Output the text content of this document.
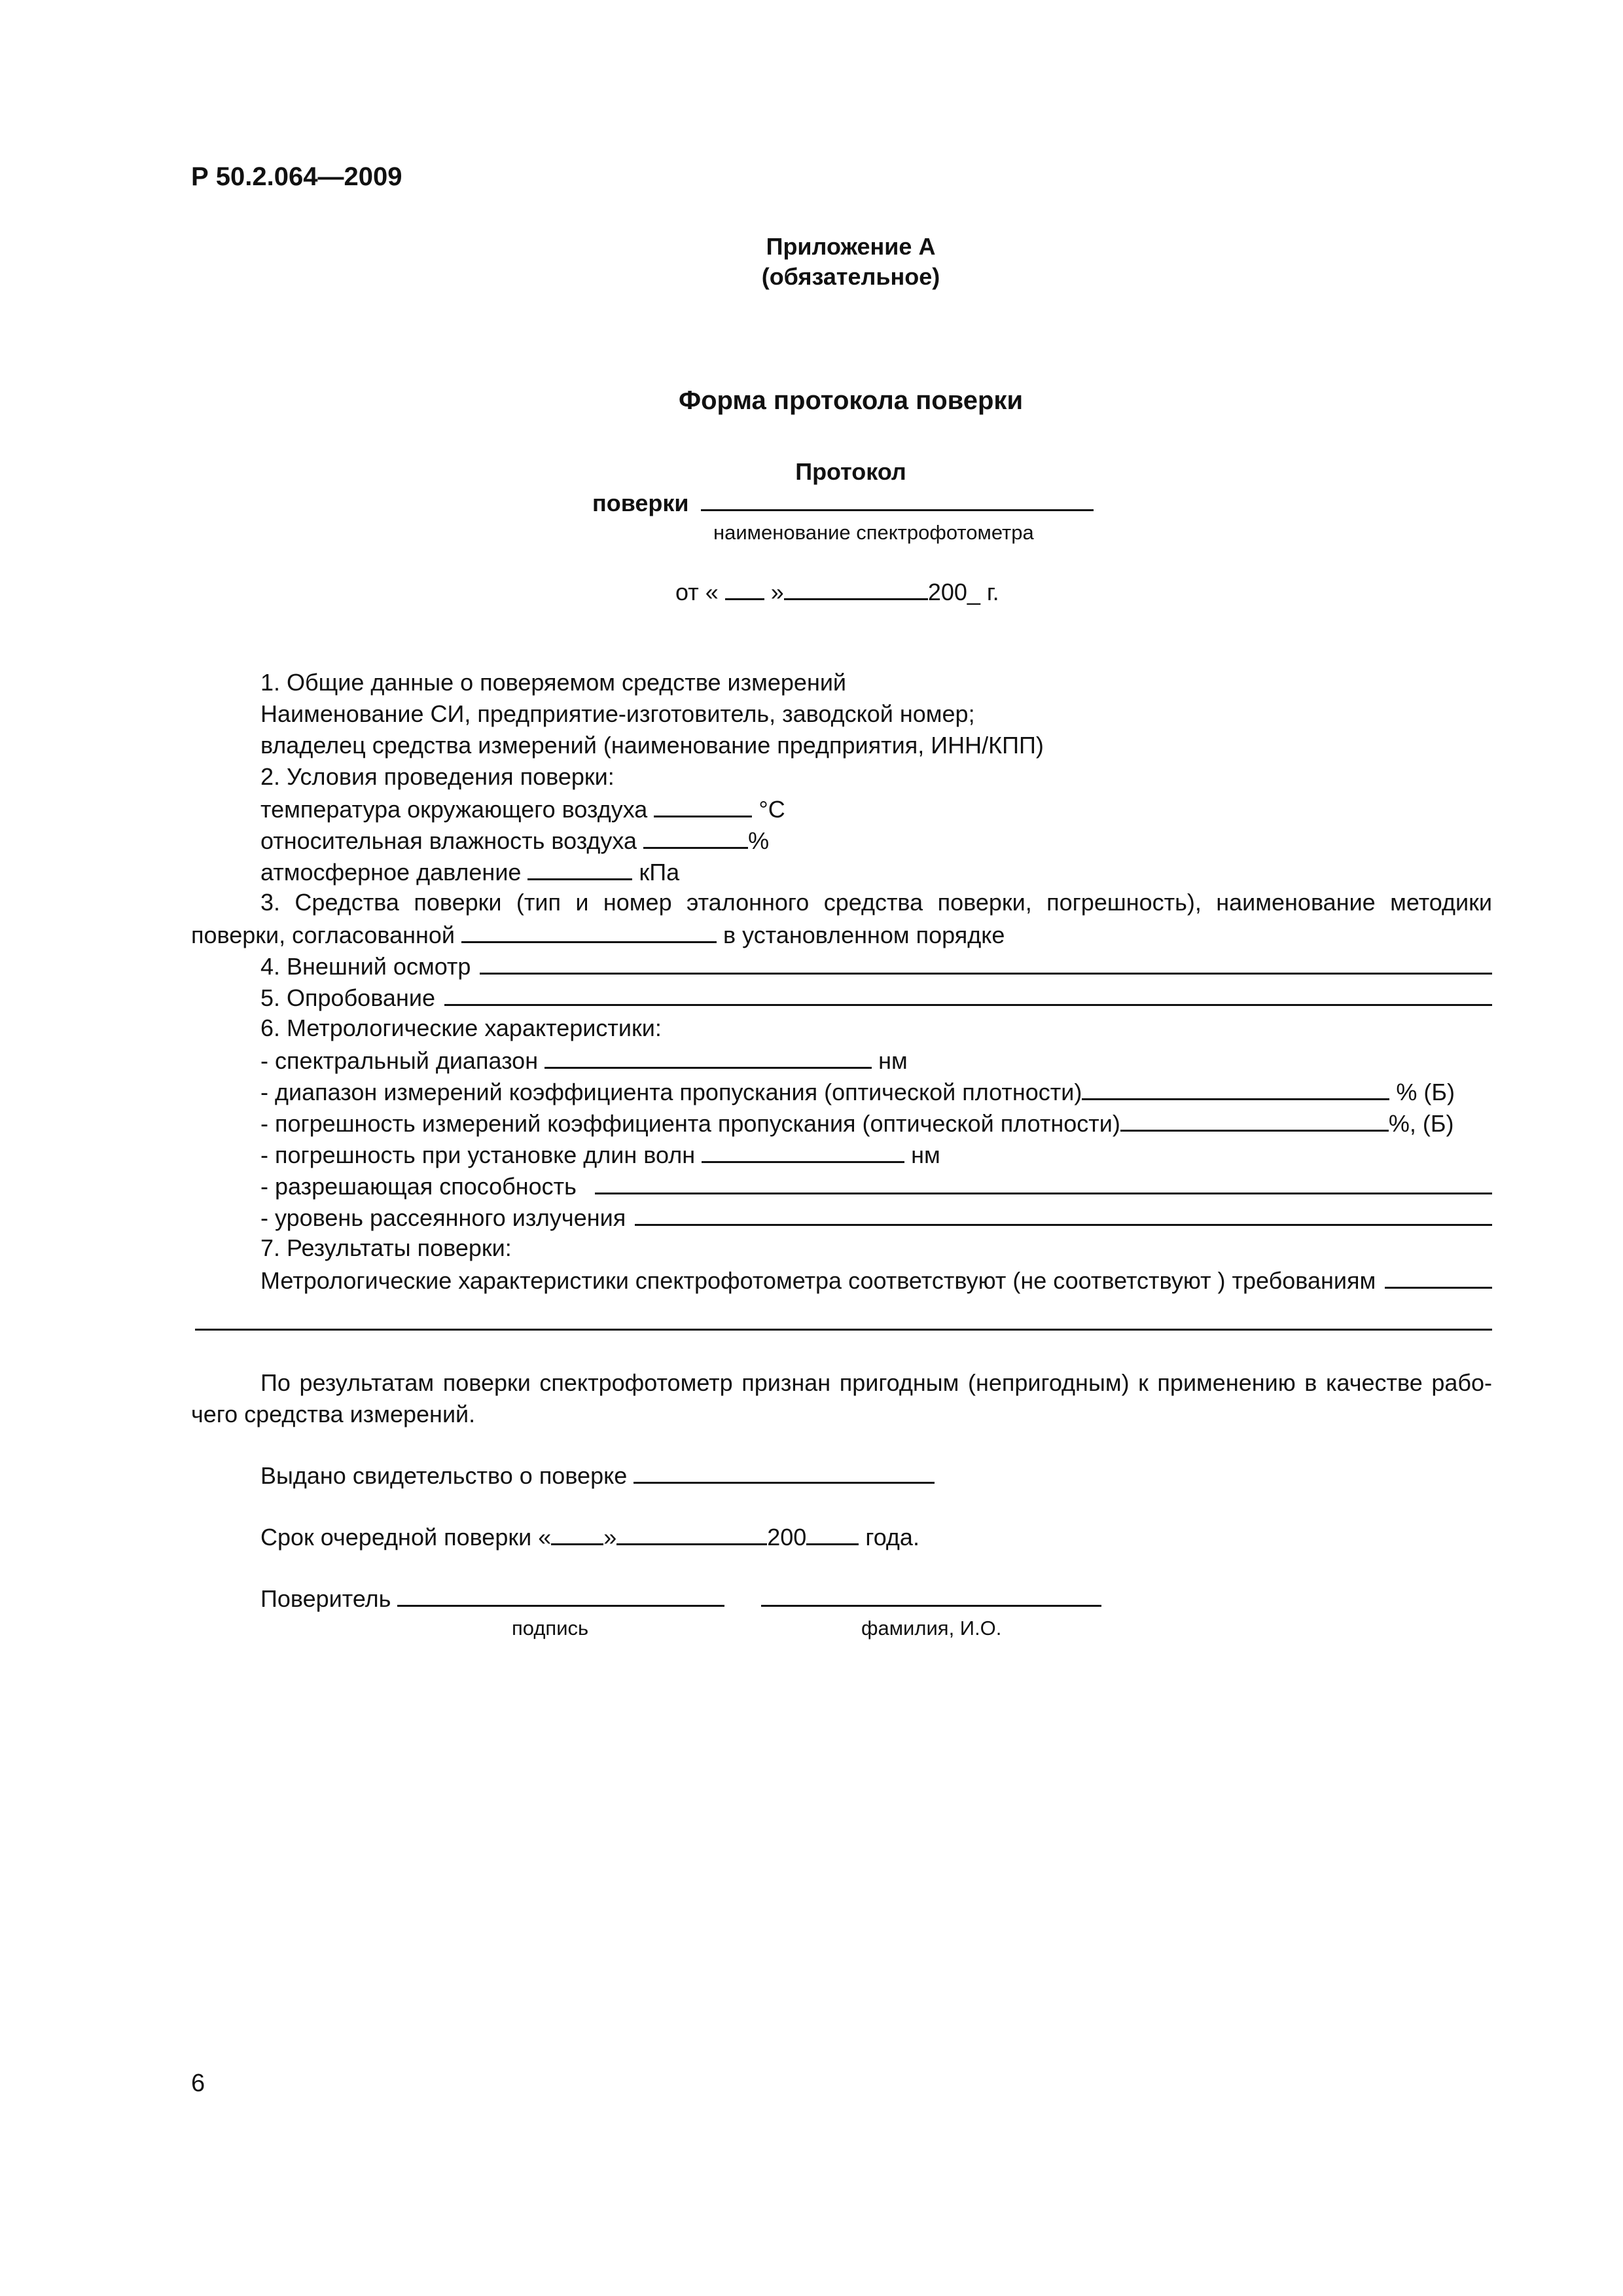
Р 50.2.064—2009
Приложение А
(обязательное)
Форма протокола поверки
Протокол
поверки
наименование спектрофотометра
от « »	200_ г.
1. Общие данные о поверяемом средстве измерений
Наименование СИ, предприятие-изготовитель, заводской номер;
владелец средства измерений (наименование предприятия, ИНН/КПП)
2. Условия проведения поверки:
температура окружающего воздуха	°С
относительная влажность воздуха	%
атмосферное давление	кПа
3. Средства поверки (тип и номер эталонного средства поверки, погрешность), наименование методики
поверки, согласованной	в установленном порядке
4. Внешний осмотр
5. Опробование
6. Метрологические характеристики:
- спектральный диапазон	нм
- диапазон измерений коэффициента пропускания (оптической плотности)	% (Б)
- погрешность измерений коэффициента пропускания (оптической плотности)	%, (Б)
- погрешность при установке длин волн	нм
- разрешающая способность
- уровень рассеянного излучения
7. Результаты поверки:
Метрологические характеристики спектрофотометра соответствуют (не соответствуют ) требованиям
По результатам поверки спектрофотометр признан пригодным (непригодным) к применению в качестве рабо-
чего средства измерений.
Выдано свидетельство о поверке
Срок очередной поверки « »	200	года.
Поверитель
подпись	фамилия, И.О.
6
